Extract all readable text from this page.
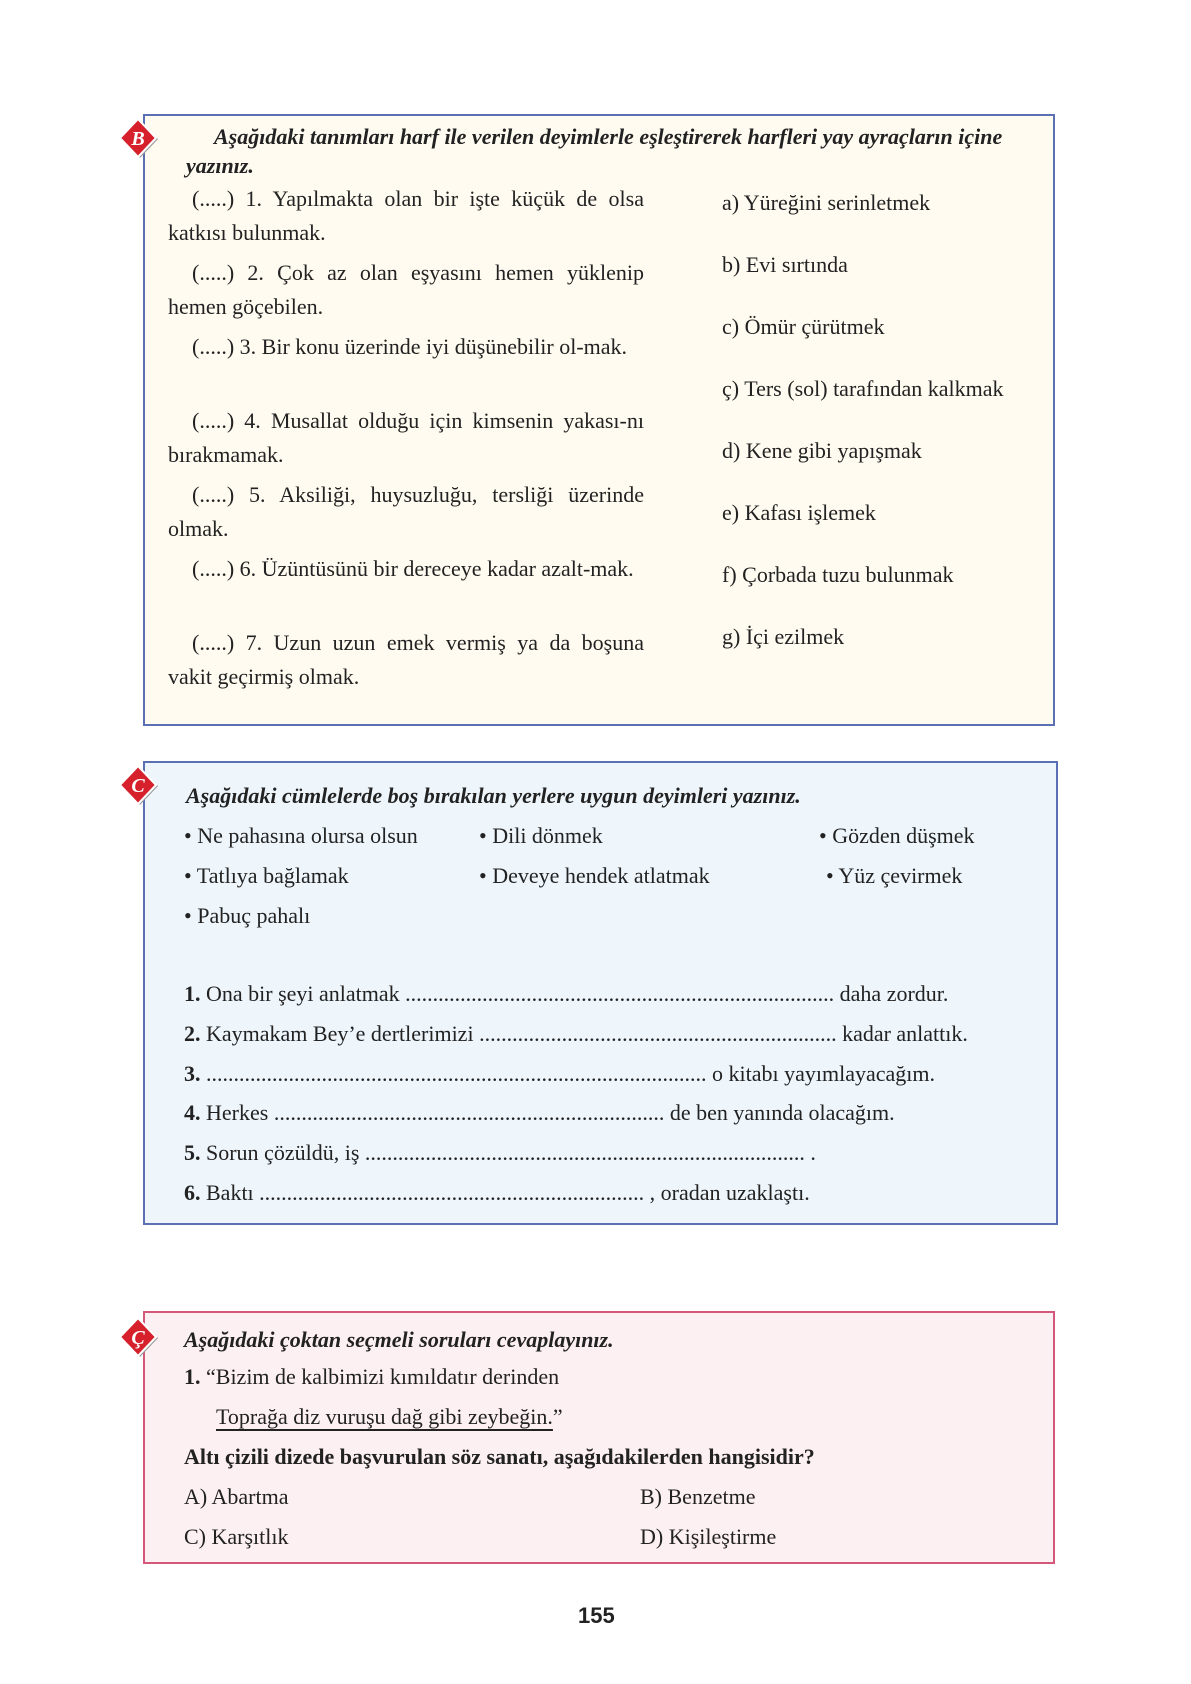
B	Aşağıdaki tanımları harf ile verilen deyimlerle eşleştirerek harfleri yay ayraçların içine yazınız.
(.....) 1. Yapılmakta olan bir işte küçük de olsa katkısı bulunmak.
(.....) 2. Çok az olan eşyasını hemen yüklenip hemen göçebilen.
(.....) 3. Bir konu üzerinde iyi düşünebilir ol-mak.
(.....) 4. Musallat olduğu için kimsenin yakası-nı bırakmamak.
(.....) 5. Aksiliği, huysuzluğu, tersliği üzerinde olmak.
(.....) 6. Üzüntüsünü bir dereceye kadar azalt-mak.
(.....) 7. Uzun uzun emek vermiş ya da boşuna vakit geçirmiş olmak.
a) Yüreğini serinletmek
b) Evi sırtında
c) Ömür çürütmek
ç) Ters (sol) tarafından kalkmak
d) Kene gibi yapışmak
e) Kafası işlemek
f) Çorbada tuzu bulunmak
g) İçi ezilmek
C Aşağıdaki cümlelerde boş bırakılan yerlere uygun deyimleri yazınız.
• Ne pahasına olursa olsun	• Dili dönmek	• Gözden düşmek
• Tatlıya bağlamak	• Deveye hendek atlatmak	• Yüz çevirmek
• Pabuç pahalı
1. Ona bir şeyi anlatmak .............................................................................. daha zordur.
2. Kaymakam Bey’e dertlerimizi ................................................................. kadar anlattık.
3. ........................................................................................... o kitabı yayımlayacağım.
4. Herkes ....................................................................... de ben yanında olacağım.
5. Sorun çözüldü, iş ................................................................................ .
6. Baktı ...................................................................... , oradan uzaklaştı.
Ç Aşağıdaki çoktan seçmeli soruları cevaplayınız.
1. “Bizim de kalbimizi kımıldatır derinden
Toprağa diz vuruşu dağ gibi zeybeğin.”
Altı çizili dizede başvurulan söz sanatı, aşağıdakilerden hangisidir?
A) Abartma	B) Benzetme
C) Karşıtlık	D) Kişileştirme
155
